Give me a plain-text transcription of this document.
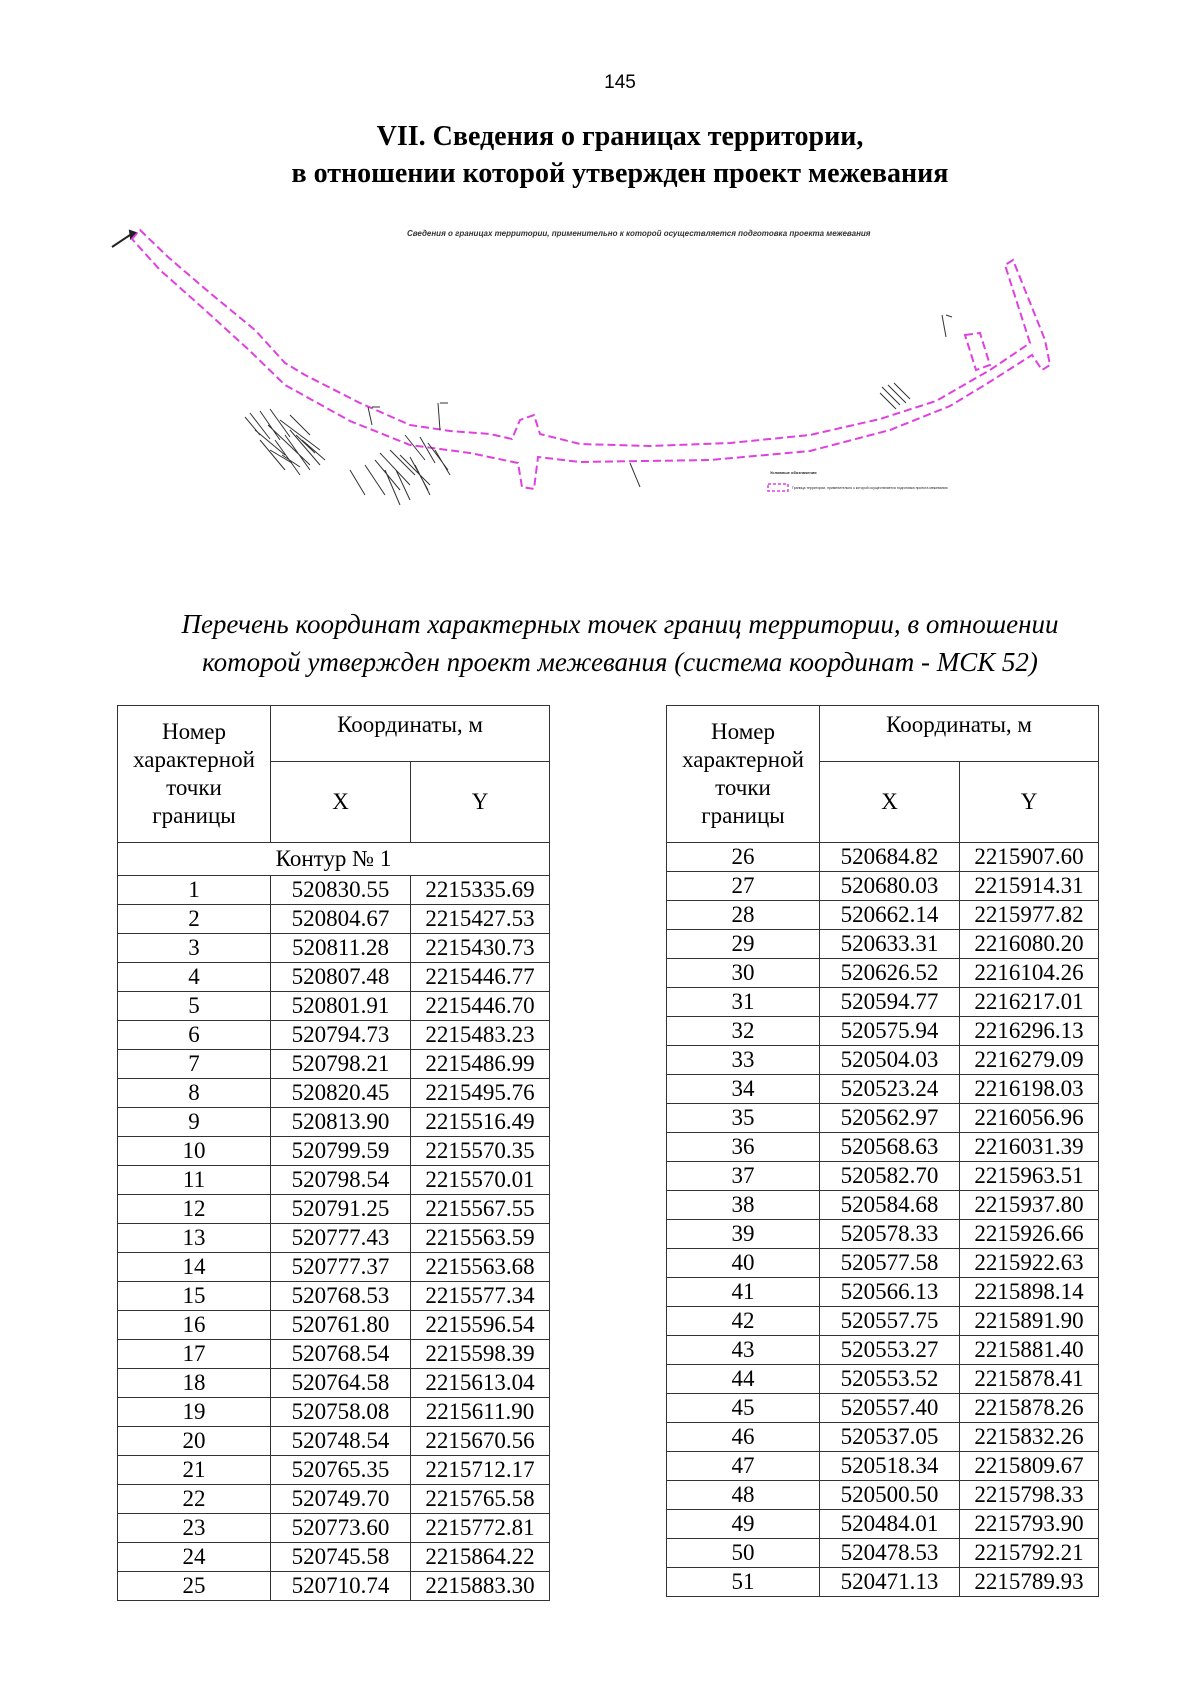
145
VII. Сведения о границах территории,
в отношении которой утвержден проект межевания
Сведения о границах территории, применительно к которой осуществляется подготовка проекта межевания
Условные обозначения
Граница территории, применительно к которой осуществляется подготовка проекта межевания
Перечень координат характерных точек границ территории, в отношении
которой утвержден проект межевания (система координат - МСК 52)
Номер характерной точки границы	Координаты, м	
	X	Y
Контур № 1		
1	520830.55	2215335.69
2	520804.67	2215427.53
3	520811.28	2215430.73
4	520807.48	2215446.77
5	520801.91	2215446.70
6	520794.73	2215483.23
7	520798.21	2215486.99
8	520820.45	2215495.76
9	520813.90	2215516.49
10	520799.59	2215570.35
11	520798.54	2215570.01
12	520791.25	2215567.55
13	520777.43	2215563.59
14	520777.37	2215563.68
15	520768.53	2215577.34
16	520761.80	2215596.54
17	520768.54	2215598.39
18	520764.58	2215613.04
19	520758.08	2215611.90
20	520748.54	2215670.56
21	520765.35	2215712.17
22	520749.70	2215765.58
23	520773.60	2215772.81
24	520745.58	2215864.22
25	520710.74	2215883.30
Номер характерной точки границы	Координаты, м	
	X	Y
26	520684.82	2215907.60
27	520680.03	2215914.31
28	520662.14	2215977.82
29	520633.31	2216080.20
30	520626.52	2216104.26
31	520594.77	2216217.01
32	520575.94	2216296.13
33	520504.03	2216279.09
34	520523.24	2216198.03
35	520562.97	2216056.96
36	520568.63	2216031.39
37	520582.70	2215963.51
38	520584.68	2215937.80
39	520578.33	2215926.66
40	520577.58	2215922.63
41	520566.13	2215898.14
42	520557.75	2215891.90
43	520553.27	2215881.40
44	520553.52	2215878.41
45	520557.40	2215878.26
46	520537.05	2215832.26
47	520518.34	2215809.67
48	520500.50	2215798.33
49	520484.01	2215793.90
50	520478.53	2215792.21
51	520471.13	2215789.93
